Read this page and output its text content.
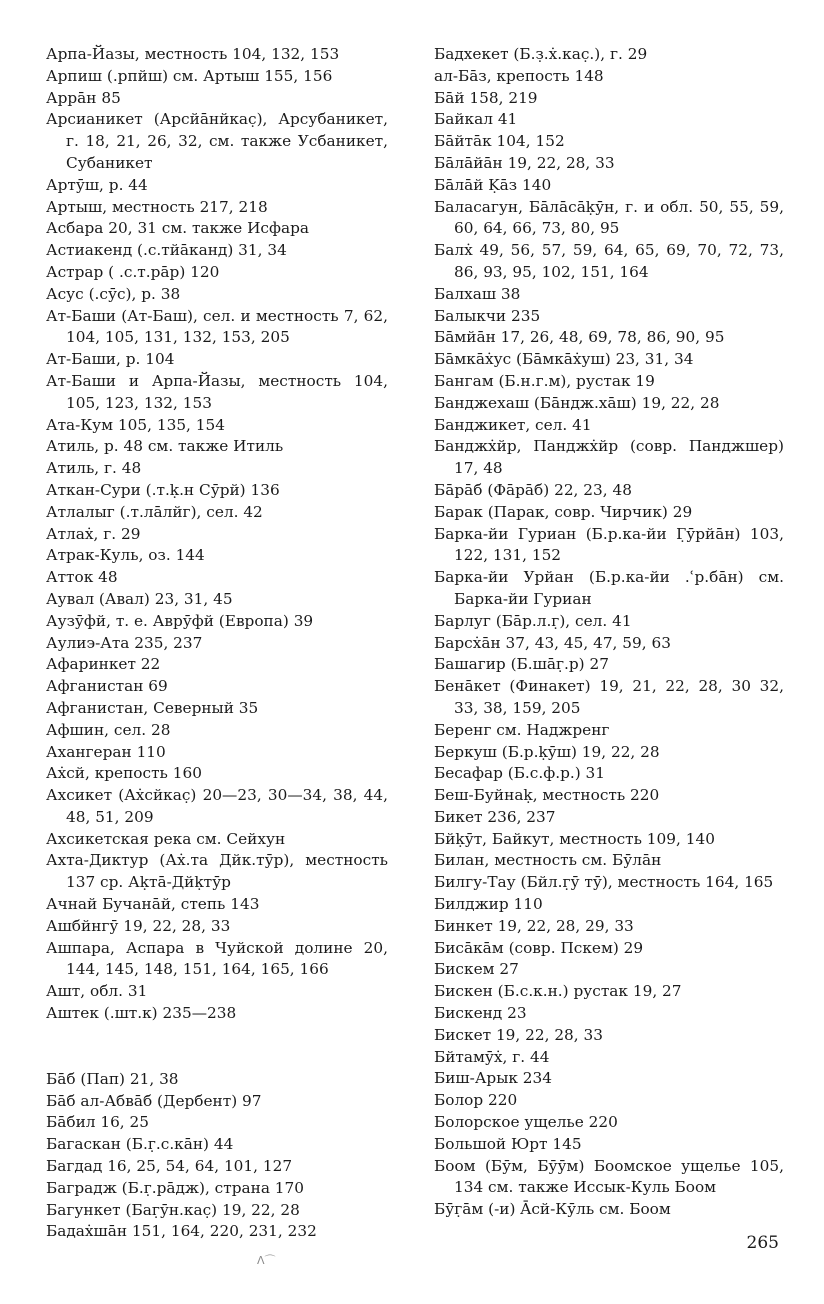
Арпа-Йазы, местность 104, 132, 153
Арпиш (.рпйш) см. Артыш 155, 156
Аррāн 85
Арсианикет (Арсйāнйкаc̣), Арсубаникет, г. 18, 21, 26, 32, см. также Усбаникет, Субаникет
Артӯш, р. 44
Артыш, местность 217, 218
Асбара 20, 31 см. также Исфара
Астиакенд (.с.тйāканд) 31, 34
Астрар ( .с.т.рāр) 120
Асус (.сӯс), р. 38
Ат-Баши (Ат-Баш), сел. и местность 7, 62, 104, 105, 131, 132, 153, 205
Ат-Баши, р. 104
Ат-Баши и Арпа-Йазы, местность 104, 105, 123, 132, 153
Ата-Кум 105, 135, 154
Атиль, р. 48 см. также Итиль
Атиль, г. 48
Аткан-Сури (.т.ḳ.н Сӯрй) 136
Атлалыг (.т.лāлйг), сел. 42
Атлаẋ, г. 29
Атрак-Куль, оз. 144
Атток 48
Аувал (Авал) 23, 31, 45
Аузӯфй, т. е. Аврӯфй (Европа) 39
Аулиэ-Ата 235, 237
Афаринкет 22
Афганистан 69
Афганистан, Северный 35
Афшин, сел. 28
Ахангеран 110
Аẋсй, крепость 160
Ахсикет (Аẋсйкаc̣) 20—23, 30—34, 38, 44, 48, 51, 209
Ахсикетская река см. Сейхун
Ахта-Диктур (Аẋ.та Дйк.тӯр), местность 137 ср. Аḳтā-Дйḳтӯр
Ачнай Бучанāй, степь 143
Ашбйнгӯ 19, 22, 28, 33
Ашпара, Аспара в Чуйской долине 20, 144, 145, 148, 151, 164, 165, 166
Ашт, обл. 31
Аштек (.шт.к) 235—238
Бāб (Пап) 21, 38
Бāб ал-Абвāб (Дербент) 97
Бāбил 16, 25
Багаскан (Б.г̣.с.кāн) 44
Багдад 16, 25, 54, 64, 101, 127
Баградж (Б.г̣.рāдж), страна 170
Багункет (Баг̣ӯн.каc̣) 19, 22, 28
Бадаẋшāн 151, 164, 220, 231, 232
Бадхекет (Б.з̣.ẋ.каc̣.), г. 29
ал-Бāз, крепость 148
Бāй 158, 219
Байкал 41
Бāйтāк 104, 152
Бāлāйāн 19, 22, 28, 33
Бāлāй Ḳāз 140
Баласагун, Бāлāсāḳӯн, г. и обл. 50, 55, 59, 60, 64, 66, 73, 80, 95
Балẋ 49, 56, 57, 59, 64, 65, 69, 70, 72, 73, 86, 93, 95, 102, 151, 164
Балхаш 38
Балыкчи 235
Бāмйāн 17, 26, 48, 69, 78, 86, 90, 95
Бāмкāẋус (Бāмкāẋуш) 23, 31, 34
Бангам (Б.н.г.м), рустак 19
Банджехаш (Бāндж.хāш) 19, 22, 28
Банджикет, сел. 41
Банджẋйр, Панджẋйр (совр. Панджшер) 17, 48
Бāрāб (Фāрāб) 22, 23, 48
Барак (Парак, совр. Чирчик) 29
Барка-йи Гуриан (Б.р.ка-йи Г̣ӯрйāн) 103, 122, 131, 152
Барка-йи Урйан (Б.р.ка-йи .ʿр.бāн) см. Барка-йи Гуриан
Барлуг (Бāр.л.г̣), сел. 41
Барсẋāн 37, 43, 45, 47, 59, 63
Башагир (Б.шāг̣.р) 27
Бенāкет (Финакет) 19, 21, 22, 28, 30 32, 33, 38, 159, 205
Беренг см. Наджренг
Беркуш (Б.р.ḳӯш) 19, 22, 28
Бесафар (Б.с.ф.р.) 31
Беш-Буйнаḳ, местность 220
Бикет 236, 237
Бйḳӯт, Байкут, местность 109, 140
Билан, местность см. Бӯлāн
Билгу-Тау (Бйл.г̣ӯ тӯ), местность 164, 165
Билджир 110
Бинкет 19, 22, 28, 29, 33
Бисāкāм (совр. Пскем) 29
Бискем 27
Бискен (Б.с.к.н.) рустак 19, 27
Бискенд 23
Бискет 19, 22, 28, 33
Бйтамӯẋ, г. 44
Биш-Арык 234
Болор 220
Болорское ущелье 220
Большой Юрт 145
Боом (Бӯм, Бӯӯм) Боомское ущелье 105, 134 см. также Иссык-Куль Боом
Бӯг̣āм (-и) Āсй-Кӯль см. Боом
265
ᐱ⌒
